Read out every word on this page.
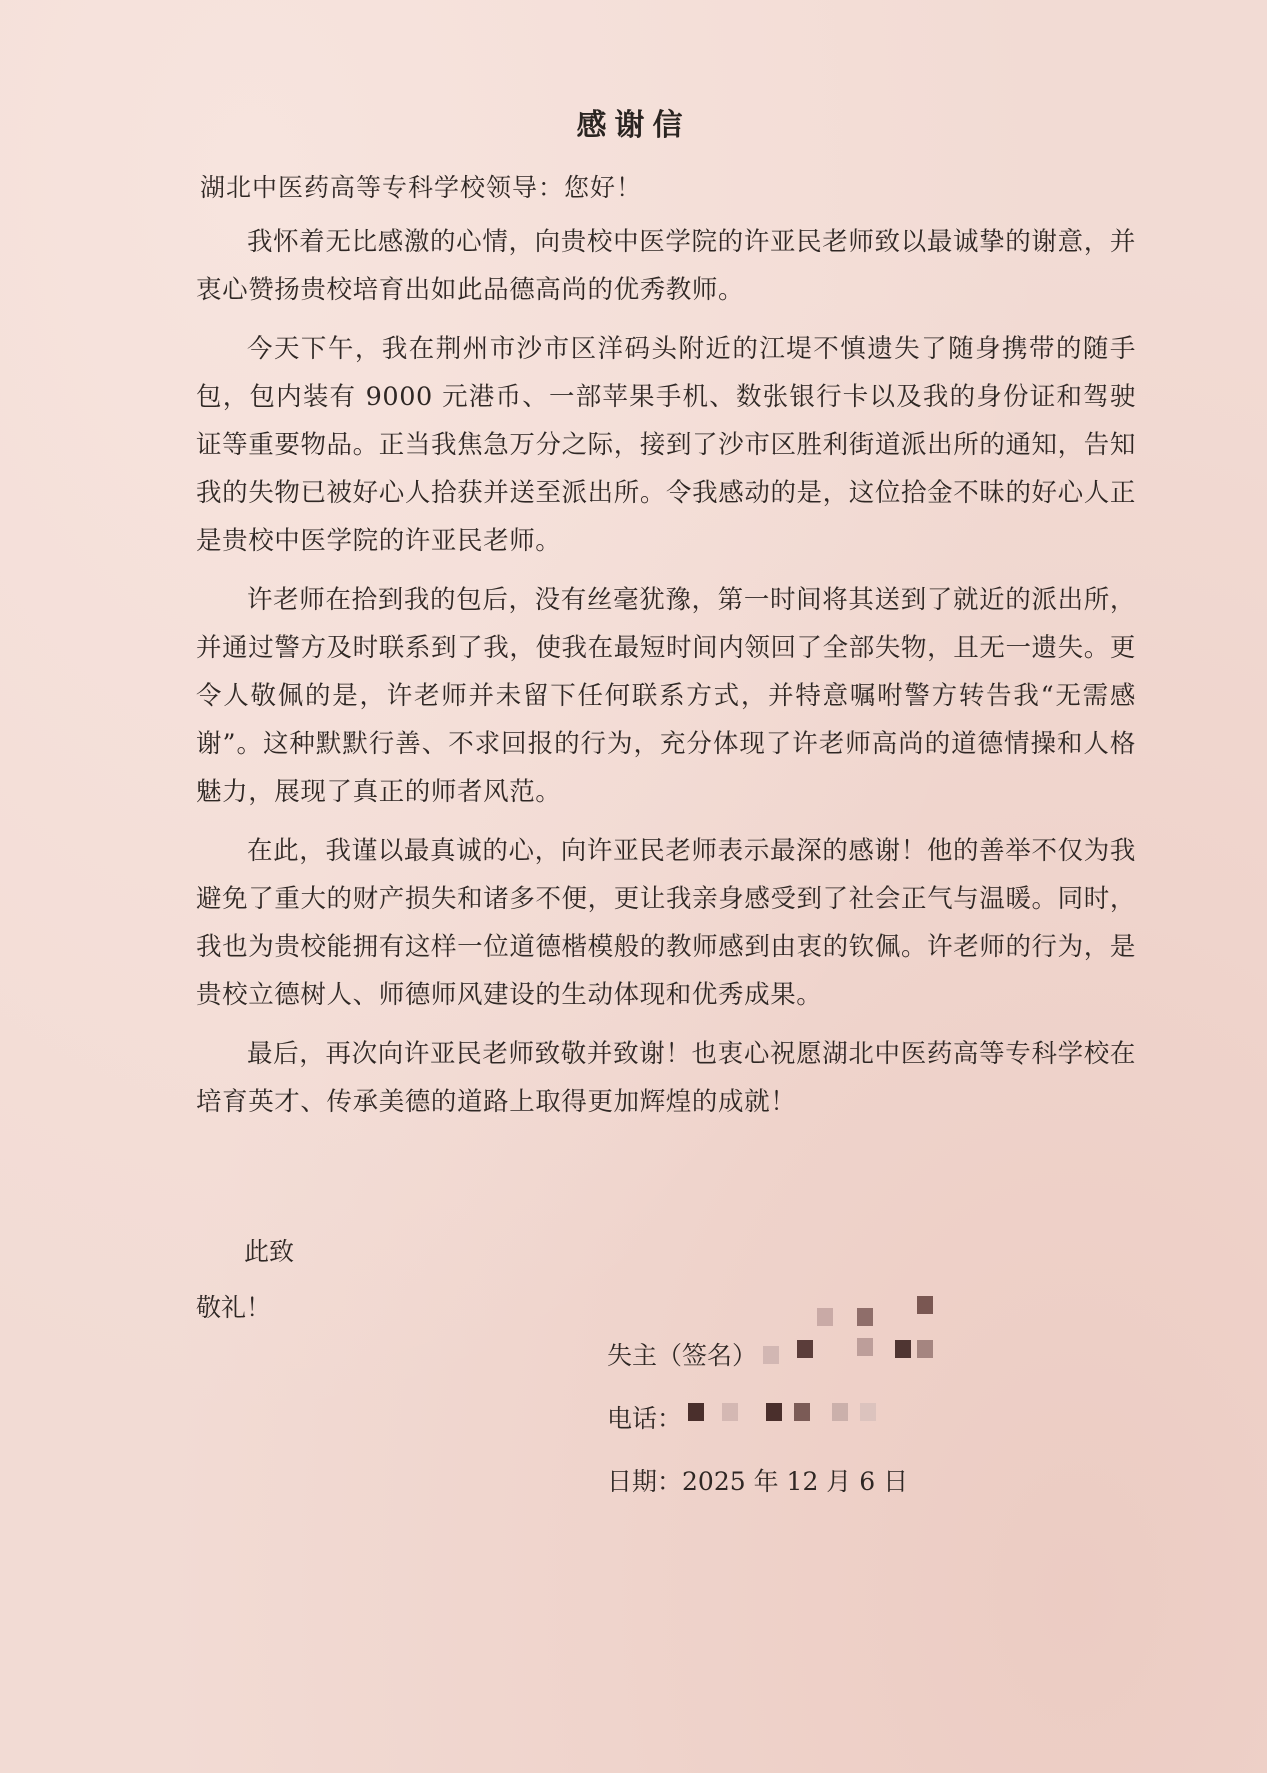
感谢信
湖北中医药高等专科学校领导：您好！

我怀着无比感激的心情，向贵校中医学院的许亚民老师致以最诚挚的谢意，并衷心赞扬贵校培育出如此品德高尚的优秀教师。

今天下午，我在荆州市沙市区洋码头附近的江堤不慎遗失了随身携带的随手包，包内装有 9000 元港币、一部苹果手机、数张银行卡以及我的身份证和驾驶证等重要物品。正当我焦急万分之际，接到了沙市区胜利街道派出所的通知，告知我的失物已被好心人拾获并送至派出所。令我感动的是，这位拾金不昧的好心人正是贵校中医学院的许亚民老师。

许老师在拾到我的包后，没有丝毫犹豫，第一时间将其送到了就近的派出所，并通过警方及时联系到了我，使我在最短时间内领回了全部失物，且无一遗失。更令人敬佩的是，许老师并未留下任何联系方式，并特意嘱咐警方转告我“无需感谢”。这种默默行善、不求回报的行为，充分体现了许老师高尚的道德情操和人格魅力，展现了真正的师者风范。

在此，我谨以最真诚的心，向许亚民老师表示最深的感谢！他的善举不仅为我避免了重大的财产损失和诸多不便，更让我亲身感受到了社会正气与温暖。同时，我也为贵校能拥有这样一位道德楷模般的教师感到由衷的钦佩。许老师的行为，是贵校立德树人、师德师风建设的生动体现和优秀成果。

最后，再次向许亚民老师致敬并致谢！也衷心祝愿湖北中医药高等专科学校在培育英才、传承美德的道路上取得更加辉煌的成就！

此致
敬礼！
失主（签名）
电话：
日期： 2025 年 12 月 6 日
